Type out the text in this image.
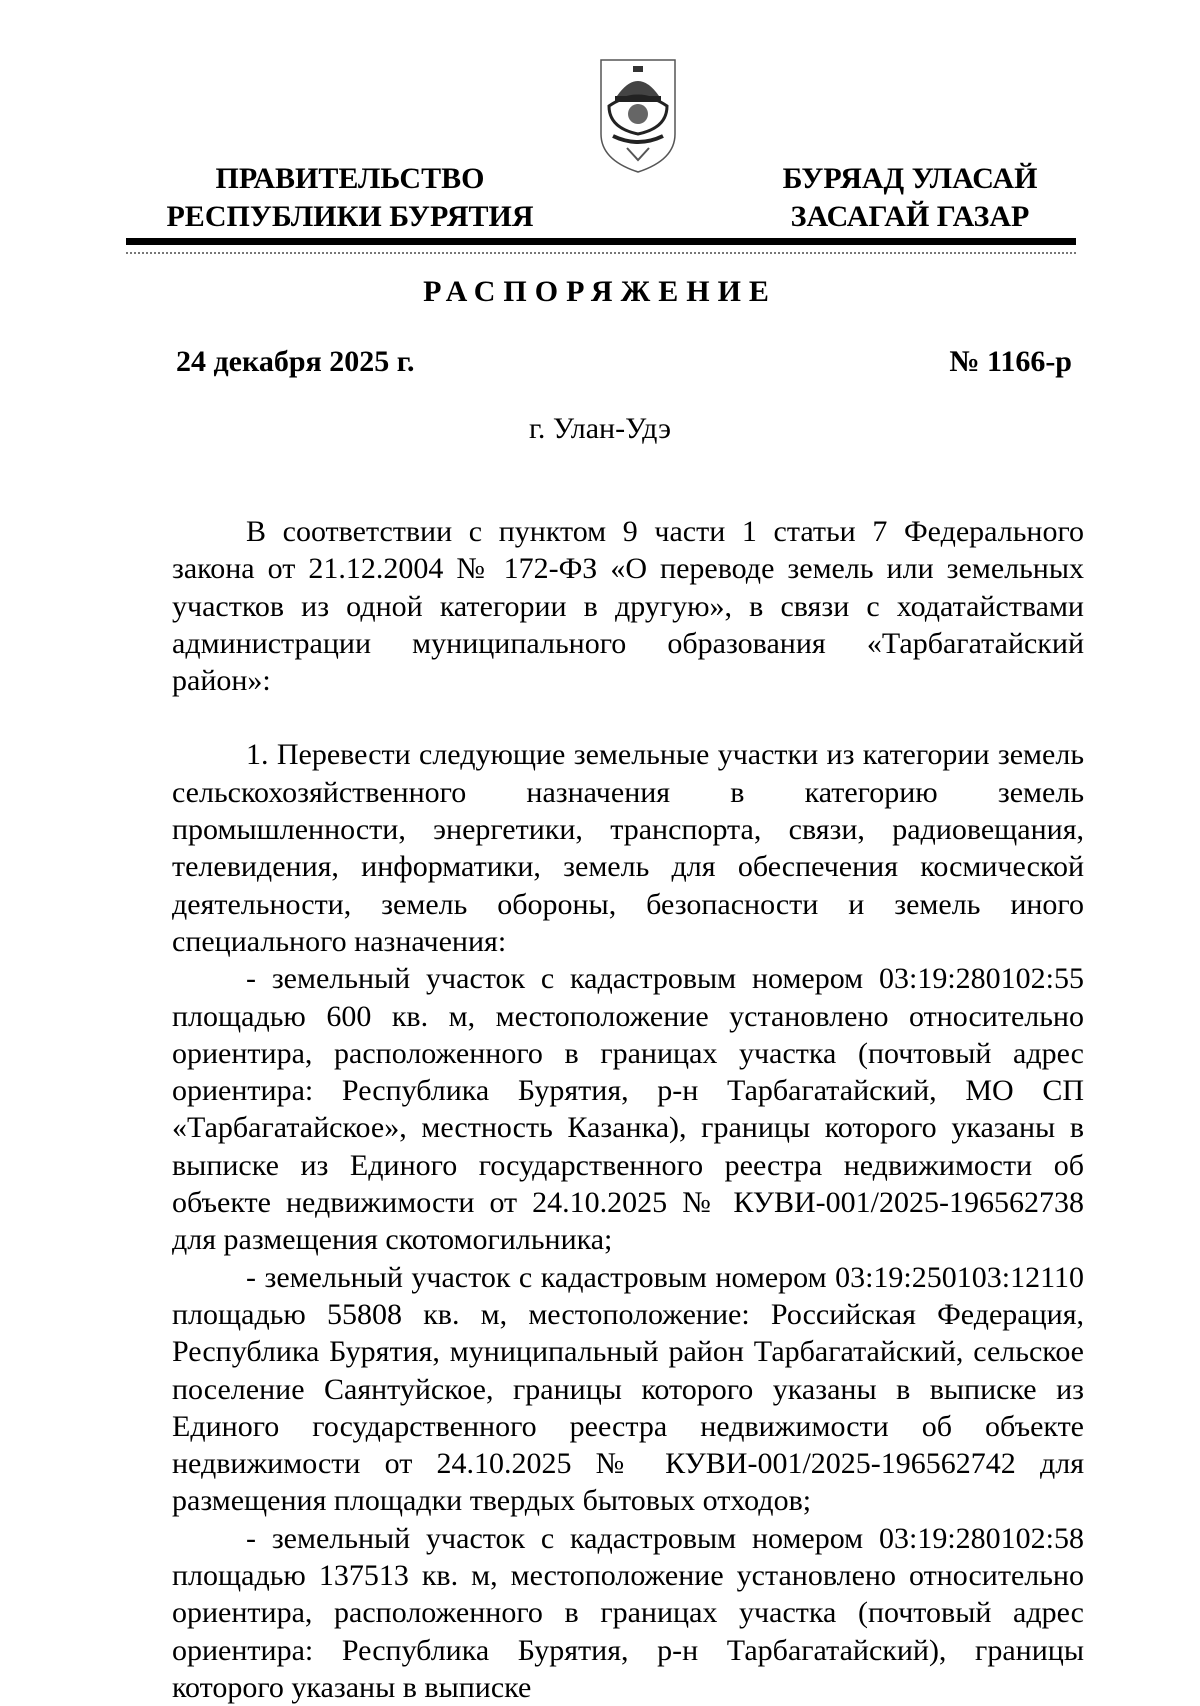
ПРАВИТЕЛЬСТВО
РЕСПУБЛИКИ БУРЯТИЯ
БУРЯАД УЛАСАЙ
ЗАСАГАЙ ГАЗАР
РАСПОРЯЖЕНИЕ
24 декабря 2025 г.	№ 1166-р
г. Улан-Удэ

В соответствии с пунктом 9 части 1 статьи 7 Федерального закона от 21.12.2004 № 172-ФЗ «О переводе земель или земельных участков из одной категории в другую», в связи с ходатайствами администрации муниципального образования «Тарбагатайский район»:

1. Перевести следующие земельные участки из категории земель сельскохозяйственного назначения в категорию земель промышленности, энергетики, транспорта, связи, радиовещания, телевидения, информатики, земель для обеспечения космической деятельности, земель обороны, безопасности и земель иного специального назначения:

- земельный участок с кадастровым номером 03:19:280102:55 площадью 600 кв. м, местоположение установлено относительно ориентира, расположенного в границах участка (почтовый адрес ориентира: Республика Бурятия, р-н Тарбагатайский, МО СП «Тарбагатайское», местность Казанка), границы которого указаны в выписке из Единого государственного реестра недвижимости об объекте недвижимости от 24.10.2025 № КУВИ-001/2025-196562738 для размещения скотомогильника;

- земельный участок с кадастровым номером 03:19:250103:12110 площадью 55808 кв. м, местоположение: Российская Федерация, Республика Бурятия, муниципальный район Тарбагатайский, сельское поселение Саянтуйское, границы которого указаны в выписке из Единого государственного реестра недвижимости об объекте недвижимости от 24.10.2025 № КУВИ-001/2025-196562742 для размещения площадки твердых бытовых отходов;

- земельный участок с кадастровым номером 03:19:280102:58 площадью 137513 кв. м, местоположение установлено относительно ориентира, расположенного в границах участка (почтовый адрес ориентира: Республика Бурятия, р-н Тарбагатайский), границы которого указаны в выписке
